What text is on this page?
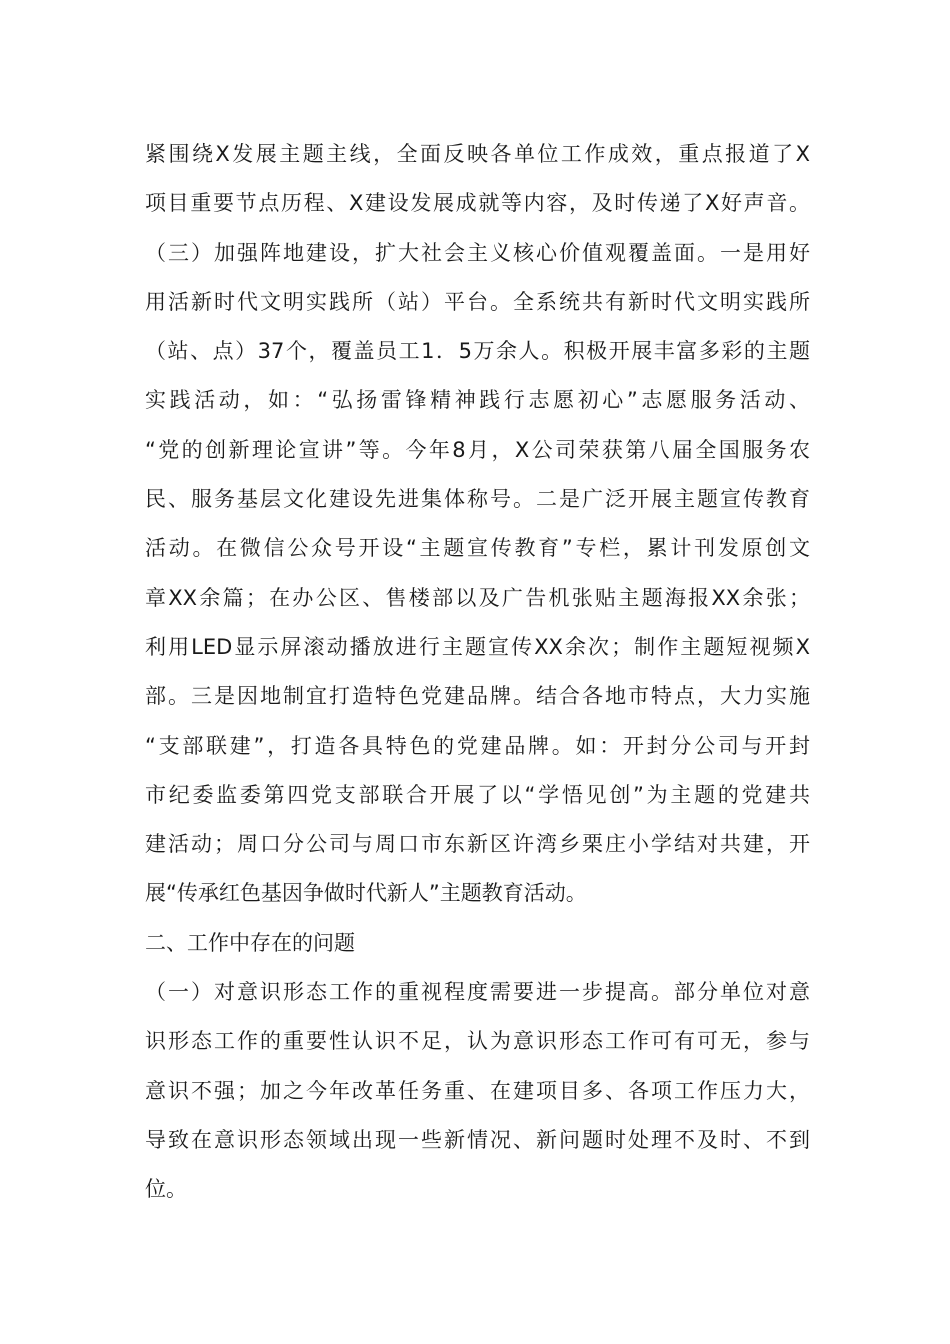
紧围绕X发展主题主线，全面反映各单位工作成效，重点报道了X
项目重要节点历程、X建设发展成就等内容，及时传递了X好声音。
（三）加强阵地建设，扩大社会主义核心价值观覆盖面。一是用好
用活新时代文明实践所（站）平台。全系统共有新时代文明实践所
（站、点）37个，覆盖员工1．5万余人。积极开展丰富多彩的主题
实践活动，如：“弘扬雷锋精神践行志愿初心”志愿服务活动、
“党的创新理论宣讲”等。今年8月，X公司荣获第八届全国服务农
民、服务基层文化建设先进集体称号。二是广泛开展主题宣传教育
活动。在微信公众号开设“主题宣传教育”专栏，累计刊发原创文
章XX余篇；在办公区、售楼部以及广告机张贴主题海报XX余张；
利用LED显示屏滚动播放进行主题宣传XX余次；制作主题短视频X
部。三是因地制宜打造特色党建品牌。结合各地市特点，大力实施
“支部联建”，打造各具特色的党建品牌。如：开封分公司与开封
市纪委监委第四党支部联合开展了以“学悟见创”为主题的党建共
建活动；周口分公司与周口市东新区许湾乡栗庄小学结对共建，开
展“传承红色基因争做时代新人”主题教育活动。
二、工作中存在的问题
（一）对意识形态工作的重视程度需要进一步提高。部分单位对意
识形态工作的重要性认识不足，认为意识形态工作可有可无，参与
意识不强；加之今年改革任务重、在建项目多、各项工作压力大，
导致在意识形态领域出现一些新情况、新问题时处理不及时、不到
位。
